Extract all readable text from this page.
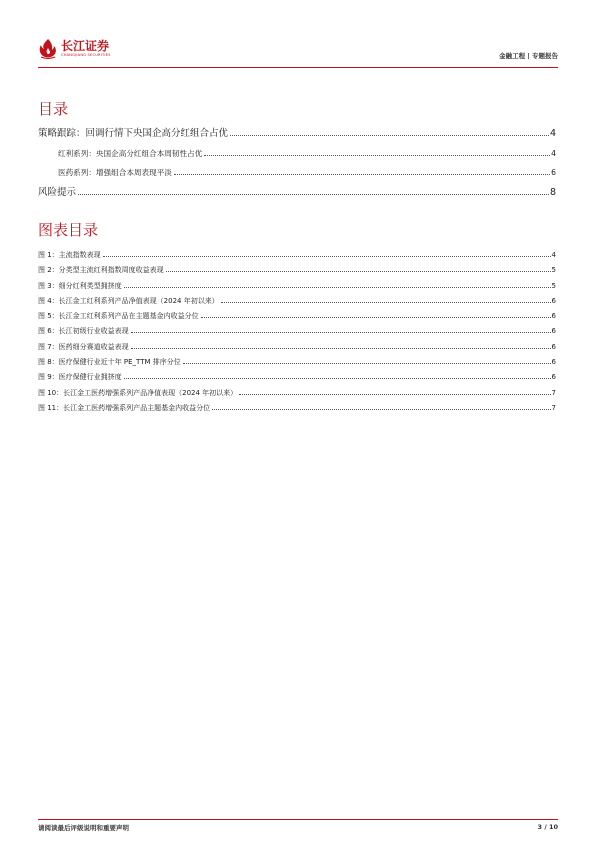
长江证券
CHANGJIANG SECURITIES	金融工程 | 专题报告
目录
策略跟踪：回调行情下央国企高分红组合占优	4
红利系列：央国企高分红组合本周韧性占优	4
医药系列：增强组合本周表现平淡	6
风险提示	8
图表目录
图 1：主流指数表现	4
图 2：分类型主流红利指数周度收益表现	5
图 3：细分红利类型拥挤度	5
图 4：长江金工红利系列产品净值表现（2024 年初以来）	6
图 5：长江金工红利系列产品在主题基金内收益分位	6
图 6：长江初级行业收益表现	6
图 7：医药细分赛道收益表现	6
图 8：医疗保健行业近十年 PE_TTM 排序分位	6
图 9：医疗保健行业拥挤度	6
图 10：长江金工医药增强系列产品净值表现（2024 年初以来）	7
图 11：长江金工医药增强系列产品主题基金内收益分位	7
请阅读最后评级说明和重要声明	3 / 10
